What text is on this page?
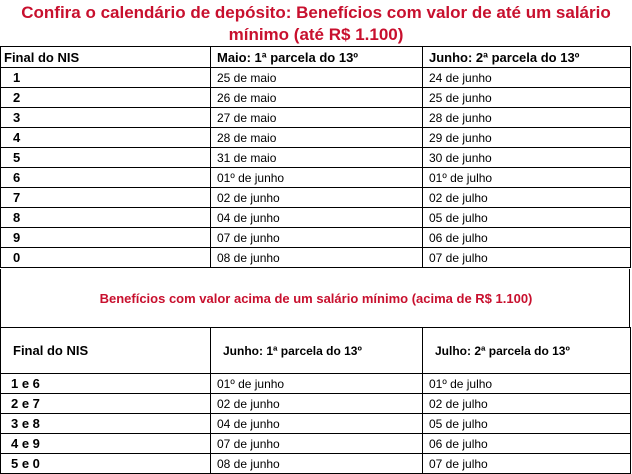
Confira o calendário de depósito: Benefícios com valor de até um salário mínimo (até R$ 1.100)
Final do NIS	Maio: 1ª parcela do 13º	Junho: 2ª parcela do 13º
1	25 de maio	24 de junho
2	26 de maio	25 de junho
3	27 de maio	28 de junho
4	28 de maio	29 de junho
5	31 de maio	30 de junho
6	01º de junho	01º de julho
7	02 de junho	02 de julho
8	04 de junho	05 de julho
9	07 de junho	06 de julho
0	08 de junho	07 de julho
Benefícios com valor acima de um salário mínimo (acima de R$ 1.100)
Final do NIS	Junho: 1ª parcela do 13º	Julho: 2ª parcela do 13º
1 e 6	01º de junho	01º de julho
2 e 7	02 de junho	02 de julho
3 e 8	04 de junho	05 de julho
4 e 9	07 de junho	06 de julho
5 e 0	08 de junho	07 de julho
